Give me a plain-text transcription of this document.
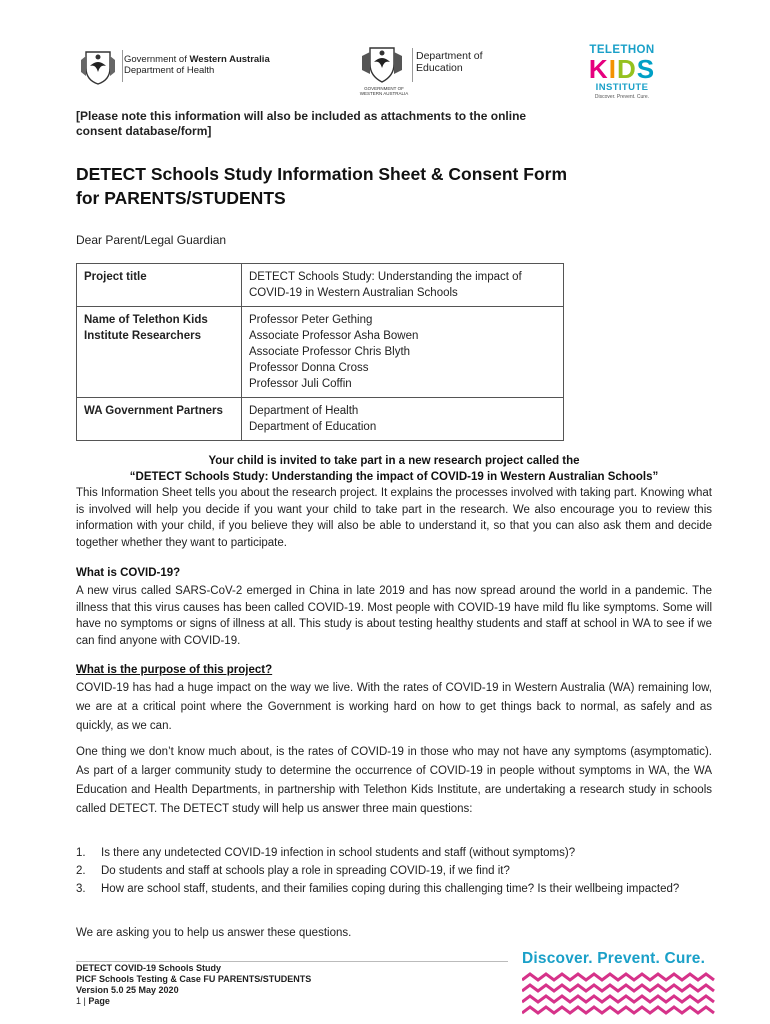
Government of Western Australia
Department of Health
Department of
Education
GOVERNMENT OF
WESTERN AUSTRALIA
TELETHON
KIDS
INSTITUTE
Discover. Prevent. Cure.
[Please note this information will also be included as attachments to the online consent database/form]
DETECT Schools Study Information Sheet & Consent Form
for PARENTS/STUDENTS
Dear Parent/Legal Guardian
Project title	DETECT Schools Study: Understanding the impact of COVID-19 in Western Australian Schools
Name of Telethon Kids Institute Researchers	Professor Peter Gething
Associate Professor Asha Bowen
Associate Professor Chris Blyth
Professor Donna Cross
Professor Juli Coffin

WA Government Partners	Department of Health
Department of Education
Your child is invited to take part in a new research project called the
“DETECT Schools Study: Understanding the impact of COVID-19 in Western Australian Schools”
This Information Sheet tells you about the research project. It explains the processes involved with taking part. Knowing what is involved will help you decide if you want your child to take part in the research. We also encourage you to review this information with your child, if you believe they will also be able to understand it, so that you can also ask them and decide together whether they want to participate.
What is COVID-19?
A new virus called SARS-CoV-2 emerged in China in late 2019 and has now spread around the world in a pandemic. The illness that this virus causes has been called COVID-19. Most people with COVID-19 have mild flu like symptoms. Some will have no symptoms or signs of illness at all. This study is about testing healthy students and staff at school in WA to see if we can find anyone with COVID-19.
What is the purpose of this project?
COVID-19 has had a huge impact on the way we live. With the rates of COVID-19 in Western Australia (WA) remaining low, we are at a critical point where the Government is working hard on how to get things back to normal, as safely and as quickly, as we can.
One thing we don’t know much about, is the rates of COVID-19 in those who may not have any symptoms (asymptomatic). As part of a larger community study to determine the occurrence of COVID-19 in people without symptoms in WA, the WA Education and Health Departments, in partnership with Telethon Kids Institute, are undertaking a research study in schools called DETECT. The DETECT study will help us answer three main questions:
1. Is there any undetected COVID-19 infection in school students and staff (without symptoms)?
2. Do students and staff at schools play a role in spreading COVID-19, if we find it?
3. How are school staff, students, and their families coping during this challenging time? Is their wellbeing impacted?
We are asking you to help us answer these questions.
DETECT COVID-19 Schools Study
PICF Schools Testing & Case FU PARENTS/STUDENTS
Version 5.0 25 May 2020
1 | Page
Discover. Prevent. Cure.
